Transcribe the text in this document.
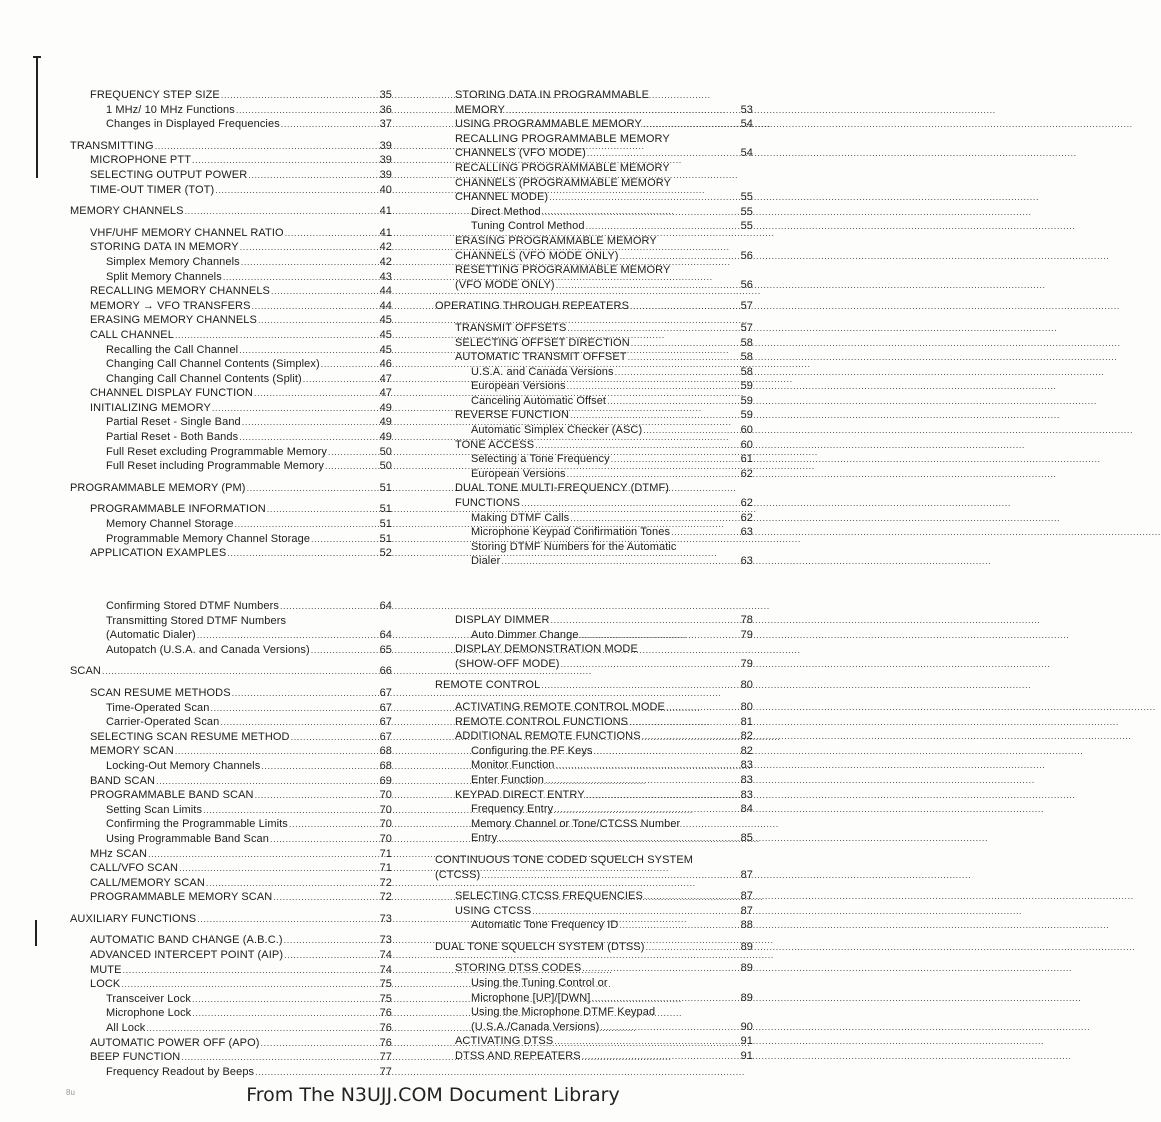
FREQUENCY STEP SIZE .....	35
1 MHz/ 10 MHz Functions .....	36
Changes in Displayed Frequencies .....	37
TRANSMITTING .....	39
MICROPHONE PTT .....	39
SELECTING OUTPUT POWER .....	39
TIME-OUT TIMER (TOT) .....	40
MEMORY CHANNELS .....	41
VHF/UHF MEMORY CHANNEL RATIO .....	41
STORING DATA IN MEMORY .....	42
Simplex Memory Channels .....	42
Split Memory Channels .....	43
RECALLING MEMORY CHANNELS .....	44
MEMORY → VFO TRANSFERS .....	44
ERASING MEMORY CHANNELS .....	45
CALL CHANNEL .....	45
Recalling the Call Channel .....	45
Changing Call Channel Contents (Simplex) .....	46
Changing Call Channel Contents (Split) .....	47
CHANNEL DISPLAY FUNCTION .....	47
INITIALIZING MEMORY .....	49
Partial Reset - Single Band .....	49
Partial Reset - Both Bands .....	49
Full Reset excluding Programmable Memory .....	50
Full Reset including Programmable Memory .....	50
PROGRAMMABLE MEMORY (PM) .....	51
PROGRAMMABLE INFORMATION .....	51
Memory Channel Storage .....	51
Programmable Memory Channel Storage .....	51
APPLICATION EXAMPLES .....	52
STORING DATA IN PROGRAMMABLE
MEMORY .....	53
USING PROGRAMMABLE MEMORY .....	54
RECALLING PROGRAMMABLE MEMORY
CHANNELS (VFO MODE) .....	54
RECALLING PROGRAMMABLE MEMORY
CHANNELS (PROGRAMMABLE MEMORY
CHANNEL MODE) .....	55
Direct Method .....	55
Tuning Control Method .....	55
ERASING PROGRAMMABLE MEMORY
CHANNELS (VFO MODE ONLY) .....	56
RESETTING PROGRAMMABLE MEMORY
(VFO MODE ONLY) .....	56
OPERATING THROUGH REPEATERS .....	57
TRANSMIT OFFSETS .....	57
SELECTING OFFSET DIRECTION .....	58
AUTOMATIC TRANSMIT OFFSET .....	58
U.S.A. and Canada Versions .....	58
European Versions .....	59
Canceling Automatic Offset .....	59
REVERSE FUNCTION .....	59
Automatic Simplex Checker (ASC) .....	60
TONE ACCESS .....	60
Selecting a Tone Frequency .....	61
European Versions .....	62
DUAL TONE MULTI-FREQUENCY (DTMF)
FUNCTIONS .....	62
Making DTMF Calls .....	62
Microphone Keypad Confirmation Tones .....	63
Storing DTMF Numbers for the Automatic
Dialer .....	63
Confirming Stored DTMF Numbers .....	64
Transmitting Stored DTMF Numbers
(Automatic Dialer) .....	64
Autopatch (U.S.A. and Canada Versions) .....	65
SCAN .....	66
SCAN RESUME METHODS .....	67
Time-Operated Scan .....	67
Carrier-Operated Scan .....	67
SELECTING SCAN RESUME METHOD .....	67
MEMORY SCAN .....	68
Locking-Out Memory Channels .....	68
BAND SCAN .....	69
PROGRAMMABLE BAND SCAN .....	70
Setting Scan Limits .....	70
Confirming the Programmable Limits .....	70
Using Programmable Band Scan .....	70
MHz SCAN .....	71
CALL/VFO SCAN .....	71
CALL/MEMORY SCAN .....	72
PROGRAMMABLE MEMORY SCAN .....	72
AUXILIARY FUNCTIONS .....	73
AUTOMATIC BAND CHANGE (A.B.C.) .....	73
ADVANCED INTERCEPT POINT (AIP) .....	74
MUTE .....	74
LOCK .....	75
Transceiver Lock .....	75
Microphone Lock .....	76
All Lock .....	76
AUTOMATIC POWER OFF (APO) .....	76
BEEP FUNCTION .....	77
Frequency Readout by Beeps .....	77
DISPLAY DIMMER .....	78
Auto Dimmer Change .....	79
DISPLAY DEMONSTRATION MODE
(SHOW-OFF MODE) .....	79
REMOTE CONTROL .....	80
ACTIVATING REMOTE CONTROL MODE .....	80
REMOTE CONTROL FUNCTIONS .....	81
ADDITIONAL REMOTE FUNCTIONS .....	82
Configuring the PF Keys .....	82
Monitor Function .....	83
Enter Function .....	83
KEYPAD DIRECT ENTRY .....	83
Frequency Entry .....	84
Memory Channel or Tone/CTCSS Number
Entry .....	85
CONTINUOUS TONE CODED SQUELCH SYSTEM
(CTCSS) .....	87
SELECTING CTCSS FREQUENCIES .....	87
USING CTCSS .....	87
Automatic Tone Frequency ID .....	88
DUAL TONE SQUELCH SYSTEM (DTSS) .....	89
STORING DTSS CODES .....	89
Using the Tuning Control or
Microphone [UP]/[DWN] .....	89
Using the Microphone DTMF Keypad
(U.S.A./Canada Versions) .....	90
ACTIVATING DTSS .....	91
DTSS AND REPEATERS .....	91
8u	From The N3UJJ.COM Document Library
